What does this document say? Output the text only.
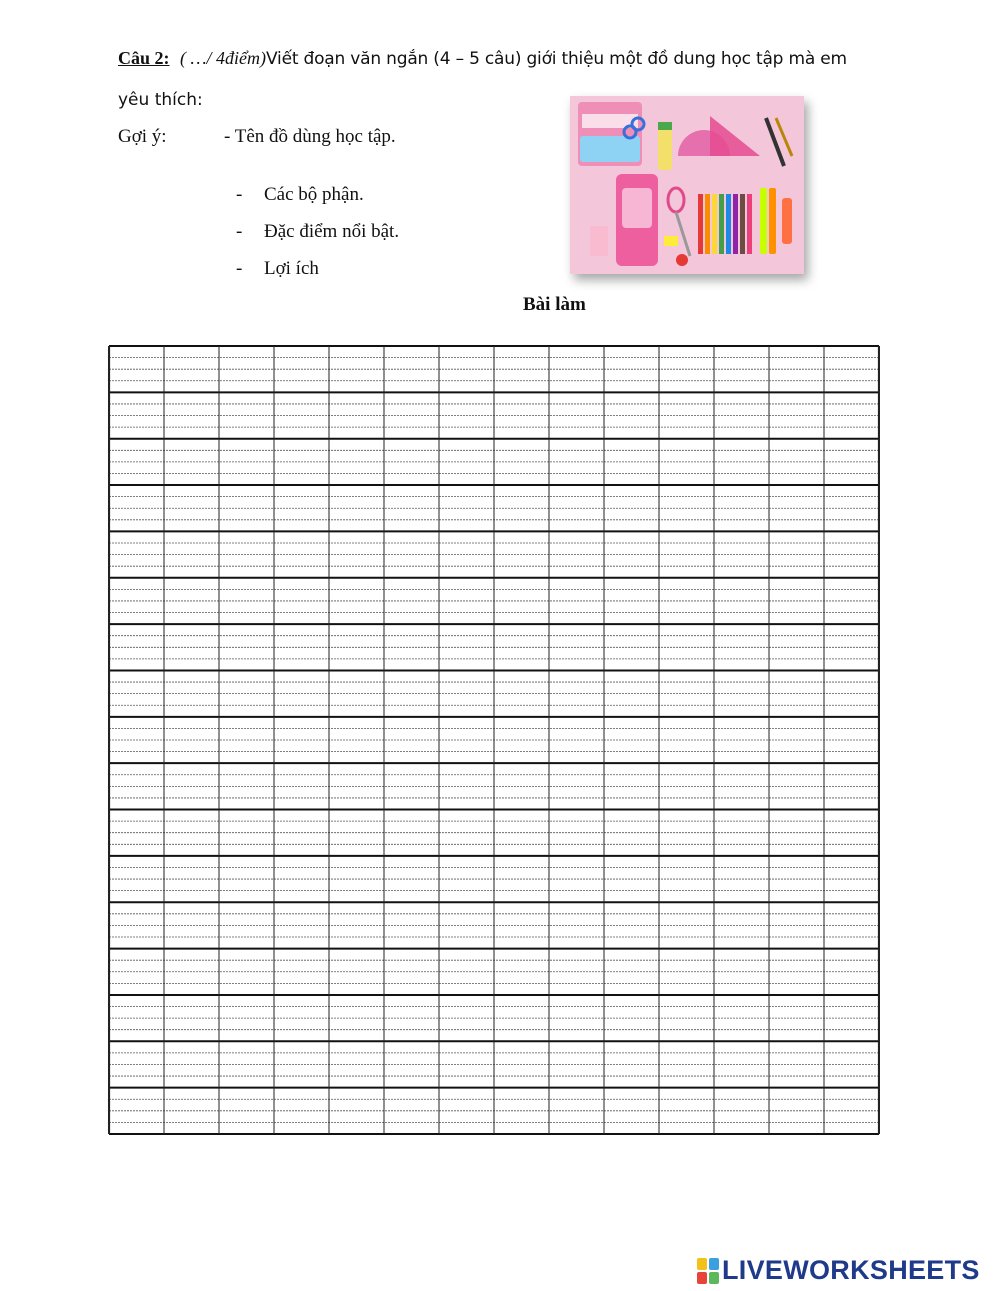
Câu 2: ( …/ 4điểm)Viết đoạn văn ngắn (4 – 5 câu) giới thiệu một đồ dung học tập mà em
yêu thích:
Gợi ý:	- Tên đồ dùng học tập.
- Các bộ phận.
- Đặc điểm nổi bật.
- Lợi ích
Bài làm
LIVEWORKSHEETS
